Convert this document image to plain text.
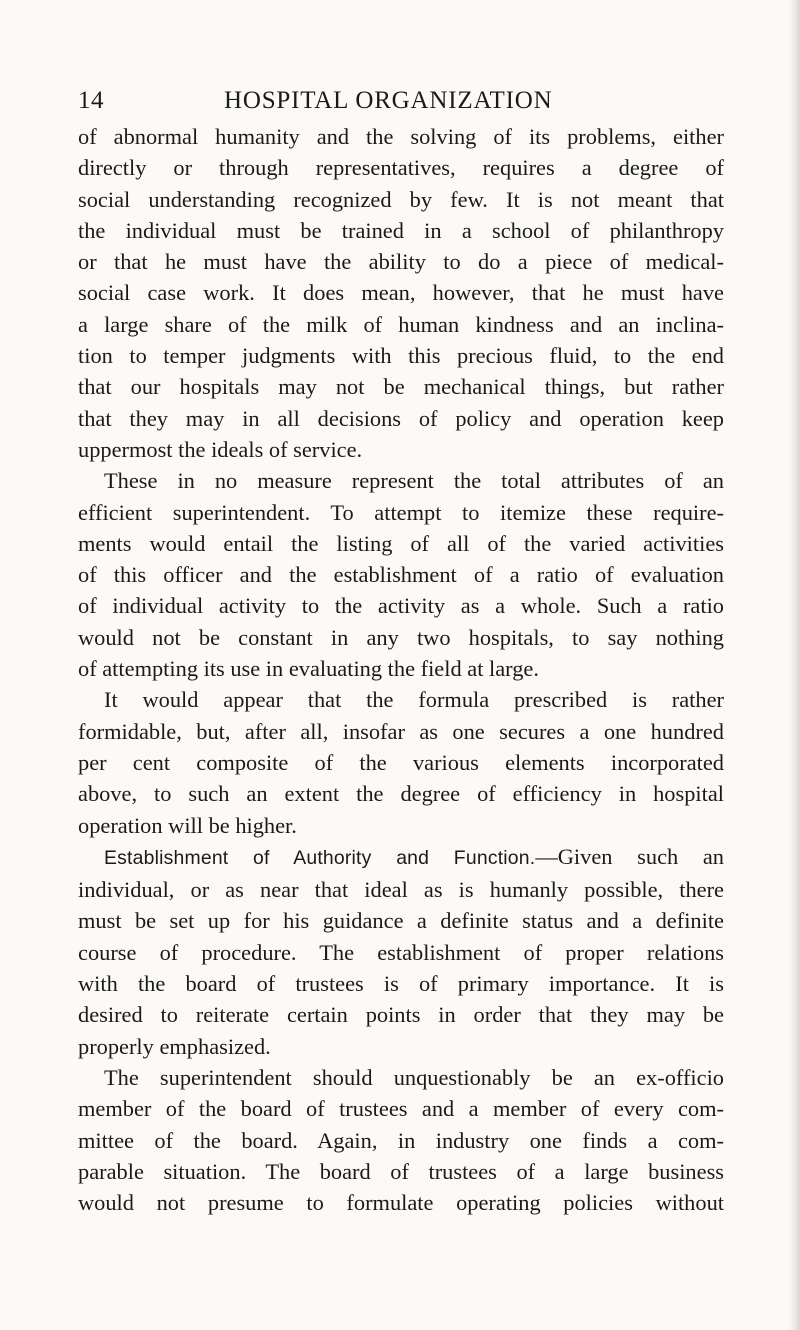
14	HOSPITAL ORGANIZATION
of abnormal humanity and the solving of its problems, either
directly or through representatives, requires a degree of
social understanding recognized by few. It is not meant that
the individual must be trained in a school of philanthropy
or that he must have the ability to do a piece of medical-
social case work. It does mean, however, that he must have
a large share of the milk of human kindness and an inclina-
tion to temper judgments with this precious fluid, to the end
that our hospitals may not be mechanical things, but rather
that they may in all decisions of policy and operation keep
uppermost the ideals of service.
These in no measure represent the total attributes of an
efficient superintendent. To attempt to itemize these require-
ments would entail the listing of all of the varied activities
of this officer and the establishment of a ratio of evaluation
of individual activity to the activity as a whole. Such a ratio
would not be constant in any two hospitals, to say nothing
of attempting its use in evaluating the field at large.
It would appear that the formula prescribed is rather
formidable, but, after all, insofar as one secures a one hundred
per cent composite of the various elements incorporated
above, to such an extent the degree of efficiency in hospital
operation will be higher.
Establishment of Authority and Function.—Given such an
individual, or as near that ideal as is humanly possible, there
must be set up for his guidance a definite status and a definite
course of procedure. The establishment of proper relations
with the board of trustees is of primary importance. It is
desired to reiterate certain points in order that they may be
properly emphasized.
The superintendent should unquestionably be an ex-officio
member of the board of trustees and a member of every com-
mittee of the board. Again, in industry one finds a com-
parable situation. The board of trustees of a large business
would not presume to formulate operating policies without
